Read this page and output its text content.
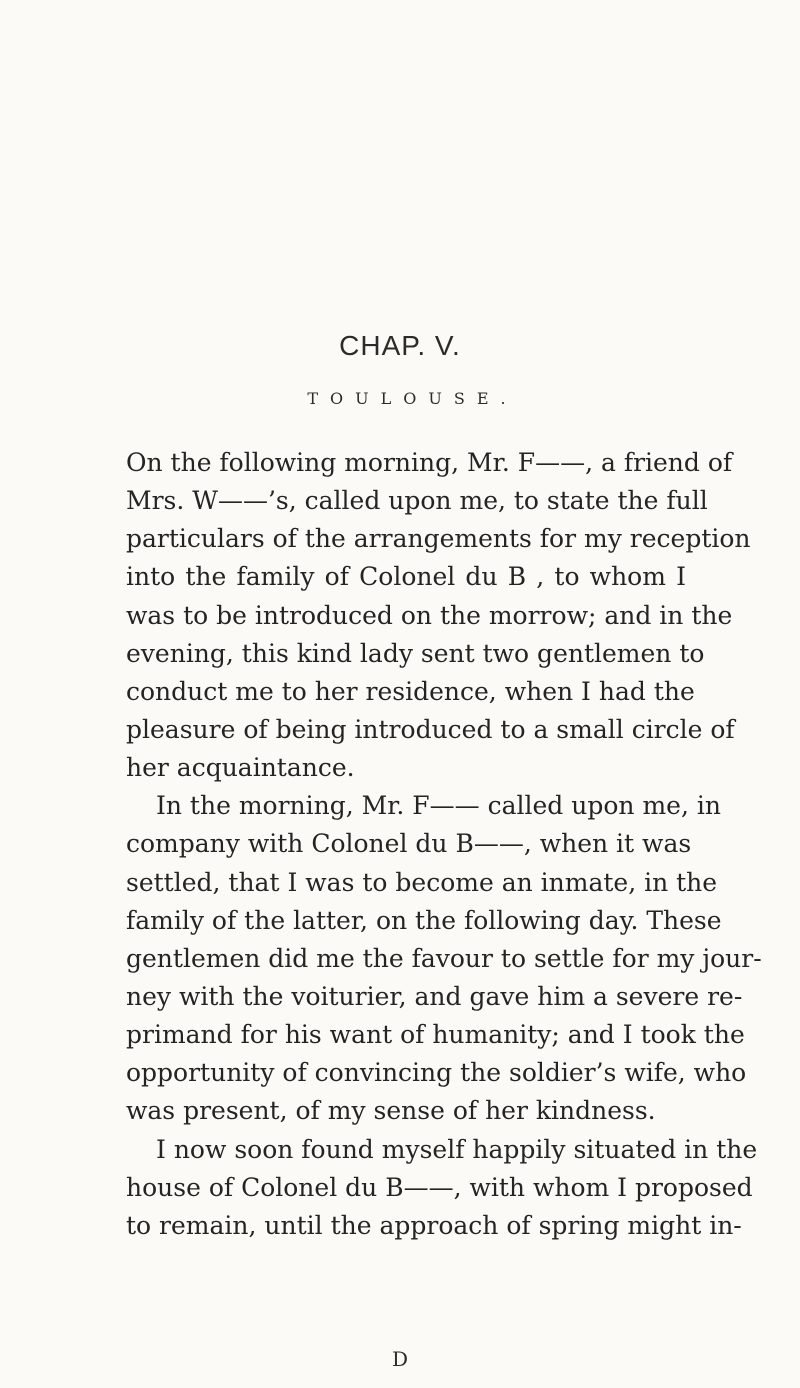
CHAP. V.
TOULOUSE.
On the following morning, Mr. F——, a friend of
Mrs. W——’s, called upon me, to state the full
particulars of the arrangements for my reception
into the family of Colonel du B , to whom I
was to be introduced on the morrow; and in the
evening, this kind lady sent two gentlemen to
conduct me to her residence, when I had the
pleasure of being introduced to a small circle of
her acquaintance.
In the morning, Mr. F—— called upon me, in
company with Colonel du B——, when it was
settled, that I was to become an inmate, in the
family of the latter, on the following day. These
gentlemen did me the favour to settle for my jour-
ney with the voiturier, and gave him a severe re-
primand for his want of humanity; and I took the
opportunity of convincing the soldier’s wife, who
was present, of my sense of her kindness.
I now soon found myself happily situated in the
house of Colonel du B——, with whom I proposed
to remain, until the approach of spring might in-
D
